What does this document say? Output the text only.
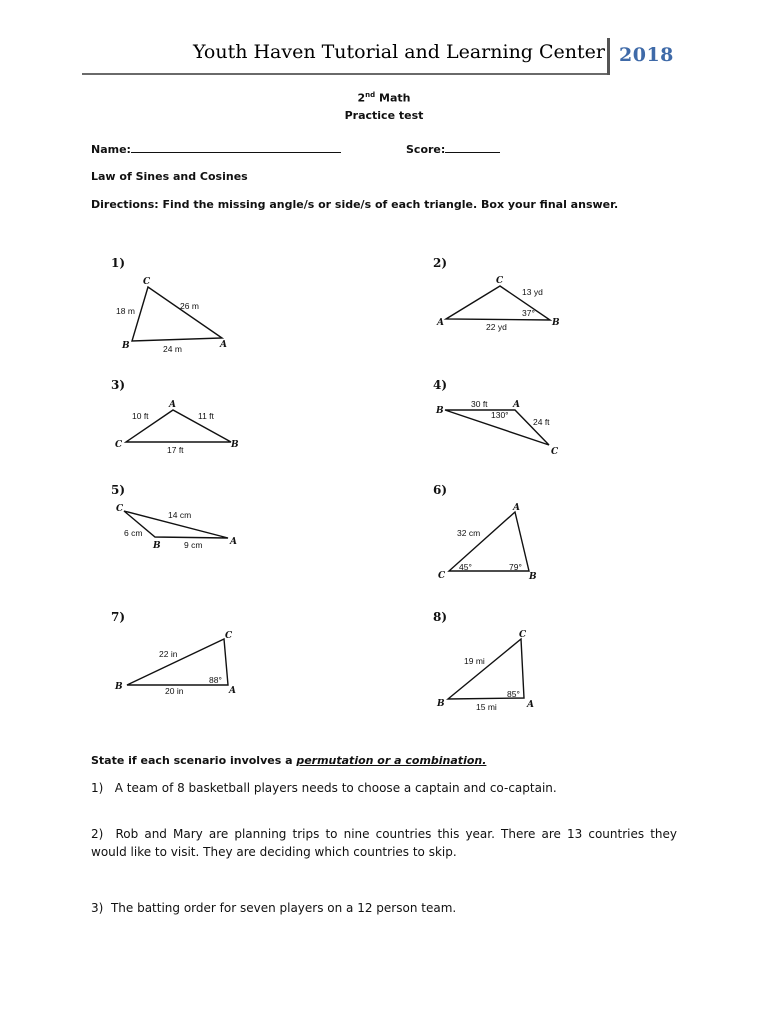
Youth Haven Tutorial and Learning Center 2018
2nd Math
Practice test
Name:	Score:
Law of Sines and Cosines
Directions: Find the missing angle/s or side/s of each triangle. Box your final answer.
1)
C
B	A
18 m	26 m
24 m
2)
C
A	B
13 yd
37°
22 yd
3)
A
C	B
10 ft	11 ft
17 ft
4)
B
A
C
30 ft
130°
24 ft
5)
C
B	A
14 cm
6 cm
9 cm
6)
A
C	B
32 cm
45°	79°
7)
C
B	A
22 in
88°
20 in
8)
C
B	A
19 mi
85°
15 mi
State if each scenario involves a permutation or a combination.
1)   A team of 8 basketball players needs to choose a captain and co-captain.
2)  Rob and Mary are planning trips to nine countries this year. There are 13 countries they would like to visit. They are deciding which countries to skip.
3)  The batting order for seven players on a 12 person team.
